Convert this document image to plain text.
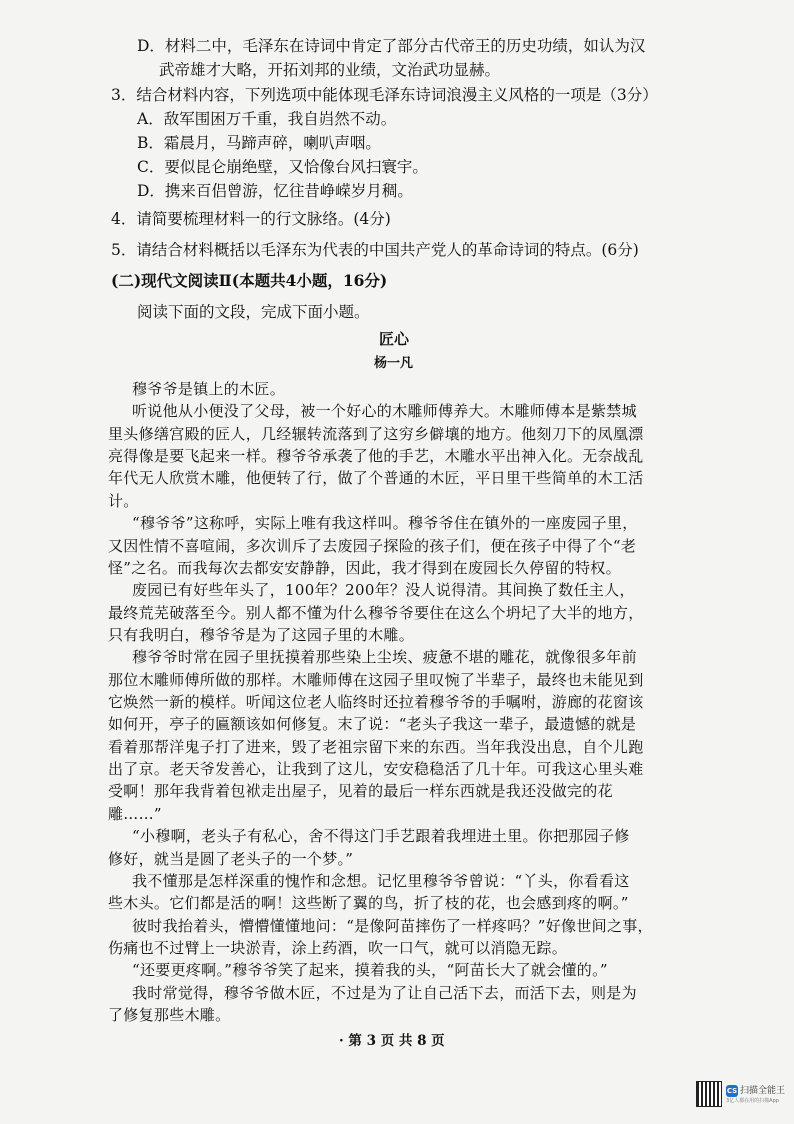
D．材料二中，毛泽东在诗词中肯定了部分古代帝王的历史功绩，如认为汉
武帝雄才大略，开拓刘邦的业绩，文治武功显赫。
3．结合材料内容，下列选项中能体现毛泽东诗词浪漫主义风格的一项是（3分）
A．敌军围困万千重，我自岿然不动。
B．霜晨月，马蹄声碎，喇叭声咽。
C．要似昆仑崩绝壁，又恰像台风扫寰宇。
D．携来百侣曾游，忆往昔峥嵘岁月稠。
4．请简要梳理材料一的行文脉络。(4分)
5．请结合材料概括以毛泽东为代表的中国共产党人的革命诗词的特点。(6分)
(二)现代文阅读Ⅱ(本题共4小题，16分)
阅读下面的文段，完成下面小题。
匠心
杨一凡
穆爷爷是镇上的木匠。
听说他从小便没了父母，被一个好心的木雕师傅养大。木雕师傅本是紫禁城
里头修缮宫殿的匠人，几经辗转流落到了这穷乡僻壤的地方。他刻刀下的凤凰漂
亮得像是要飞起来一样。穆爷爷承袭了他的手艺，木雕水平出神入化。无奈战乱
年代无人欣赏木雕，他便转了行，做了个普通的木匠，平日里干些简单的木工活
计。
“穆爷爷”这称呼，实际上唯有我这样叫。穆爷爷住在镇外的一座废园子里，
又因性情不喜喧闹，多次训斥了去废园子探险的孩子们，便在孩子中得了个“老
怪”之名。而我每次去都安安静静，因此，我才得到在废园长久停留的特权。
废园已有好些年头了，100年？200年？没人说得清。其间换了数任主人，
最终荒芜破落至今。别人都不懂为什么穆爷爷要住在这么个坍圮了大半的地方，
只有我明白，穆爷爷是为了这园子里的木雕。
穆爷爷时常在园子里抚摸着那些染上尘埃、疲惫不堪的雕花，就像很多年前
那位木雕师傅所做的那样。木雕师傅在这园子里叹惋了半辈子，最终也未能见到
它焕然一新的模样。听闻这位老人临终时还拉着穆爷爷的手嘱咐，游廊的花窗该
如何开，亭子的匾额该如何修复。末了说：“老头子我这一辈子，最遗憾的就是
看着那帮洋鬼子打了进来，毁了老祖宗留下来的东西。当年我没出息，自个儿跑
出了京。老天爷发善心，让我到了这儿，安安稳稳活了几十年。可我这心里头难
受啊！那年我背着包袱走出屋子，见着的最后一样东西就是我还没做完的花
雕……”
“小穆啊，老头子有私心，舍不得这门手艺跟着我埋进土里。你把那园子修
修好，就当是圆了老头子的一个梦。”
我不懂那是怎样深重的愧怍和念想。记忆里穆爷爷曾说：“丫头，你看看这
些木头。它们都是活的啊！这些断了翼的鸟，折了枝的花，也会感到疼的啊。”
彼时我抬着头，懵懵懂懂地问：“是像阿苗摔伤了一样疼吗？”好像世间之事，
伤痛也不过臂上一块淤青，涂上药酒，吹一口气，就可以消隐无踪。
“还要更疼啊。”穆爷爷笑了起来，摸着我的头，“阿苗长大了就会懂的。”
我时常觉得，穆爷爷做木匠，不过是为了让自己活下去，而活下去，则是为
了修复那些木雕。
· 第 3 页 共 8 页
CS 扫描全能王
3亿人都在用的扫描App
